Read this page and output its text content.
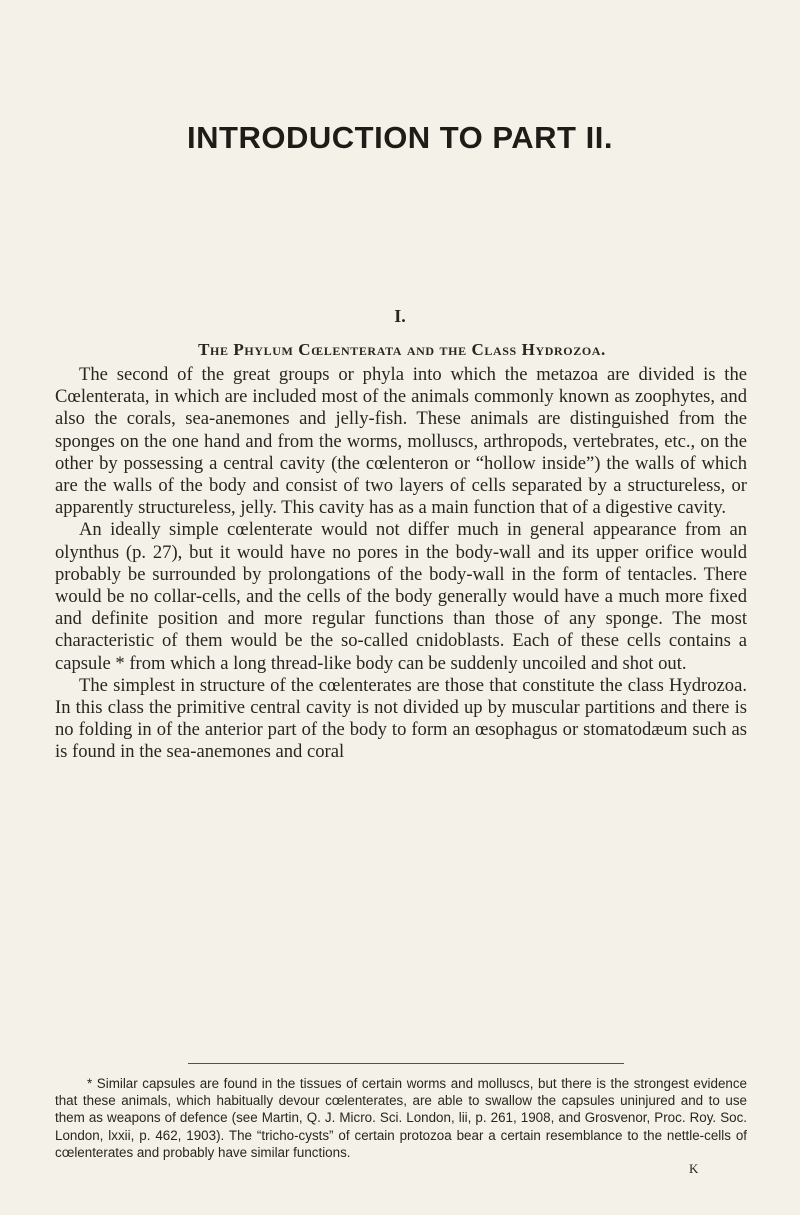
INTRODUCTION TO PART II.
I.
The Phylum Cœlenterata and the Class Hydrozoa.

The second of the great groups or phyla into which the metazoa are divided is the Cœlenterata, in which are included most of the animals commonly known as zoophytes, and also the corals, sea-anemones and jelly-fish. These animals are distinguished from the sponges on the one hand and from the worms, molluscs, arthropods, vertebrates, etc., on the other by possessing a central cavity (the cœlenteron or “hollow inside”) the walls of which are the walls of the body and consist of two layers of cells separated by a structureless, or apparently structureless, jelly. This cavity has as a main function that of a digestive cavity.

An ideally simple cœlenterate would not differ much in general appearance from an olynthus (p. 27), but it would have no pores in the body-wall and its upper orifice would probably be surrounded by prolongations of the body-wall in the form of tentacles. There would be no collar-cells, and the cells of the body generally would have a much more fixed and definite position and more regular functions than those of any sponge. The most characteristic of them would be the so-called cnidoblasts. Each of these cells contains a capsule * from which a long thread-like body can be suddenly uncoiled and shot out.

The simplest in structure of the cœlenterates are those that constitute the class Hydrozoa. In this class the primitive central cavity is not divided up by muscular partitions and there is no folding in of the anterior part of the body to form an œsophagus or stomatodæum such as is found in the sea-anemones and coral

* Similar capsules are found in the tissues of certain worms and molluscs, but there is the strongest evidence that these animals, which habitually devour cœlenterates, are able to swallow the capsules uninjured and to use them as weapons of defence (see Martin, Q. J. Micro. Sci. London, lii, p. 261, 1908, and Grosvenor, Proc. Roy. Soc. London, lxxii, p. 462, 1903). The “tricho-cysts” of certain protozoa bear a certain resemblance to the nettle-cells of cœlenterates and probably have similar functions.

K
